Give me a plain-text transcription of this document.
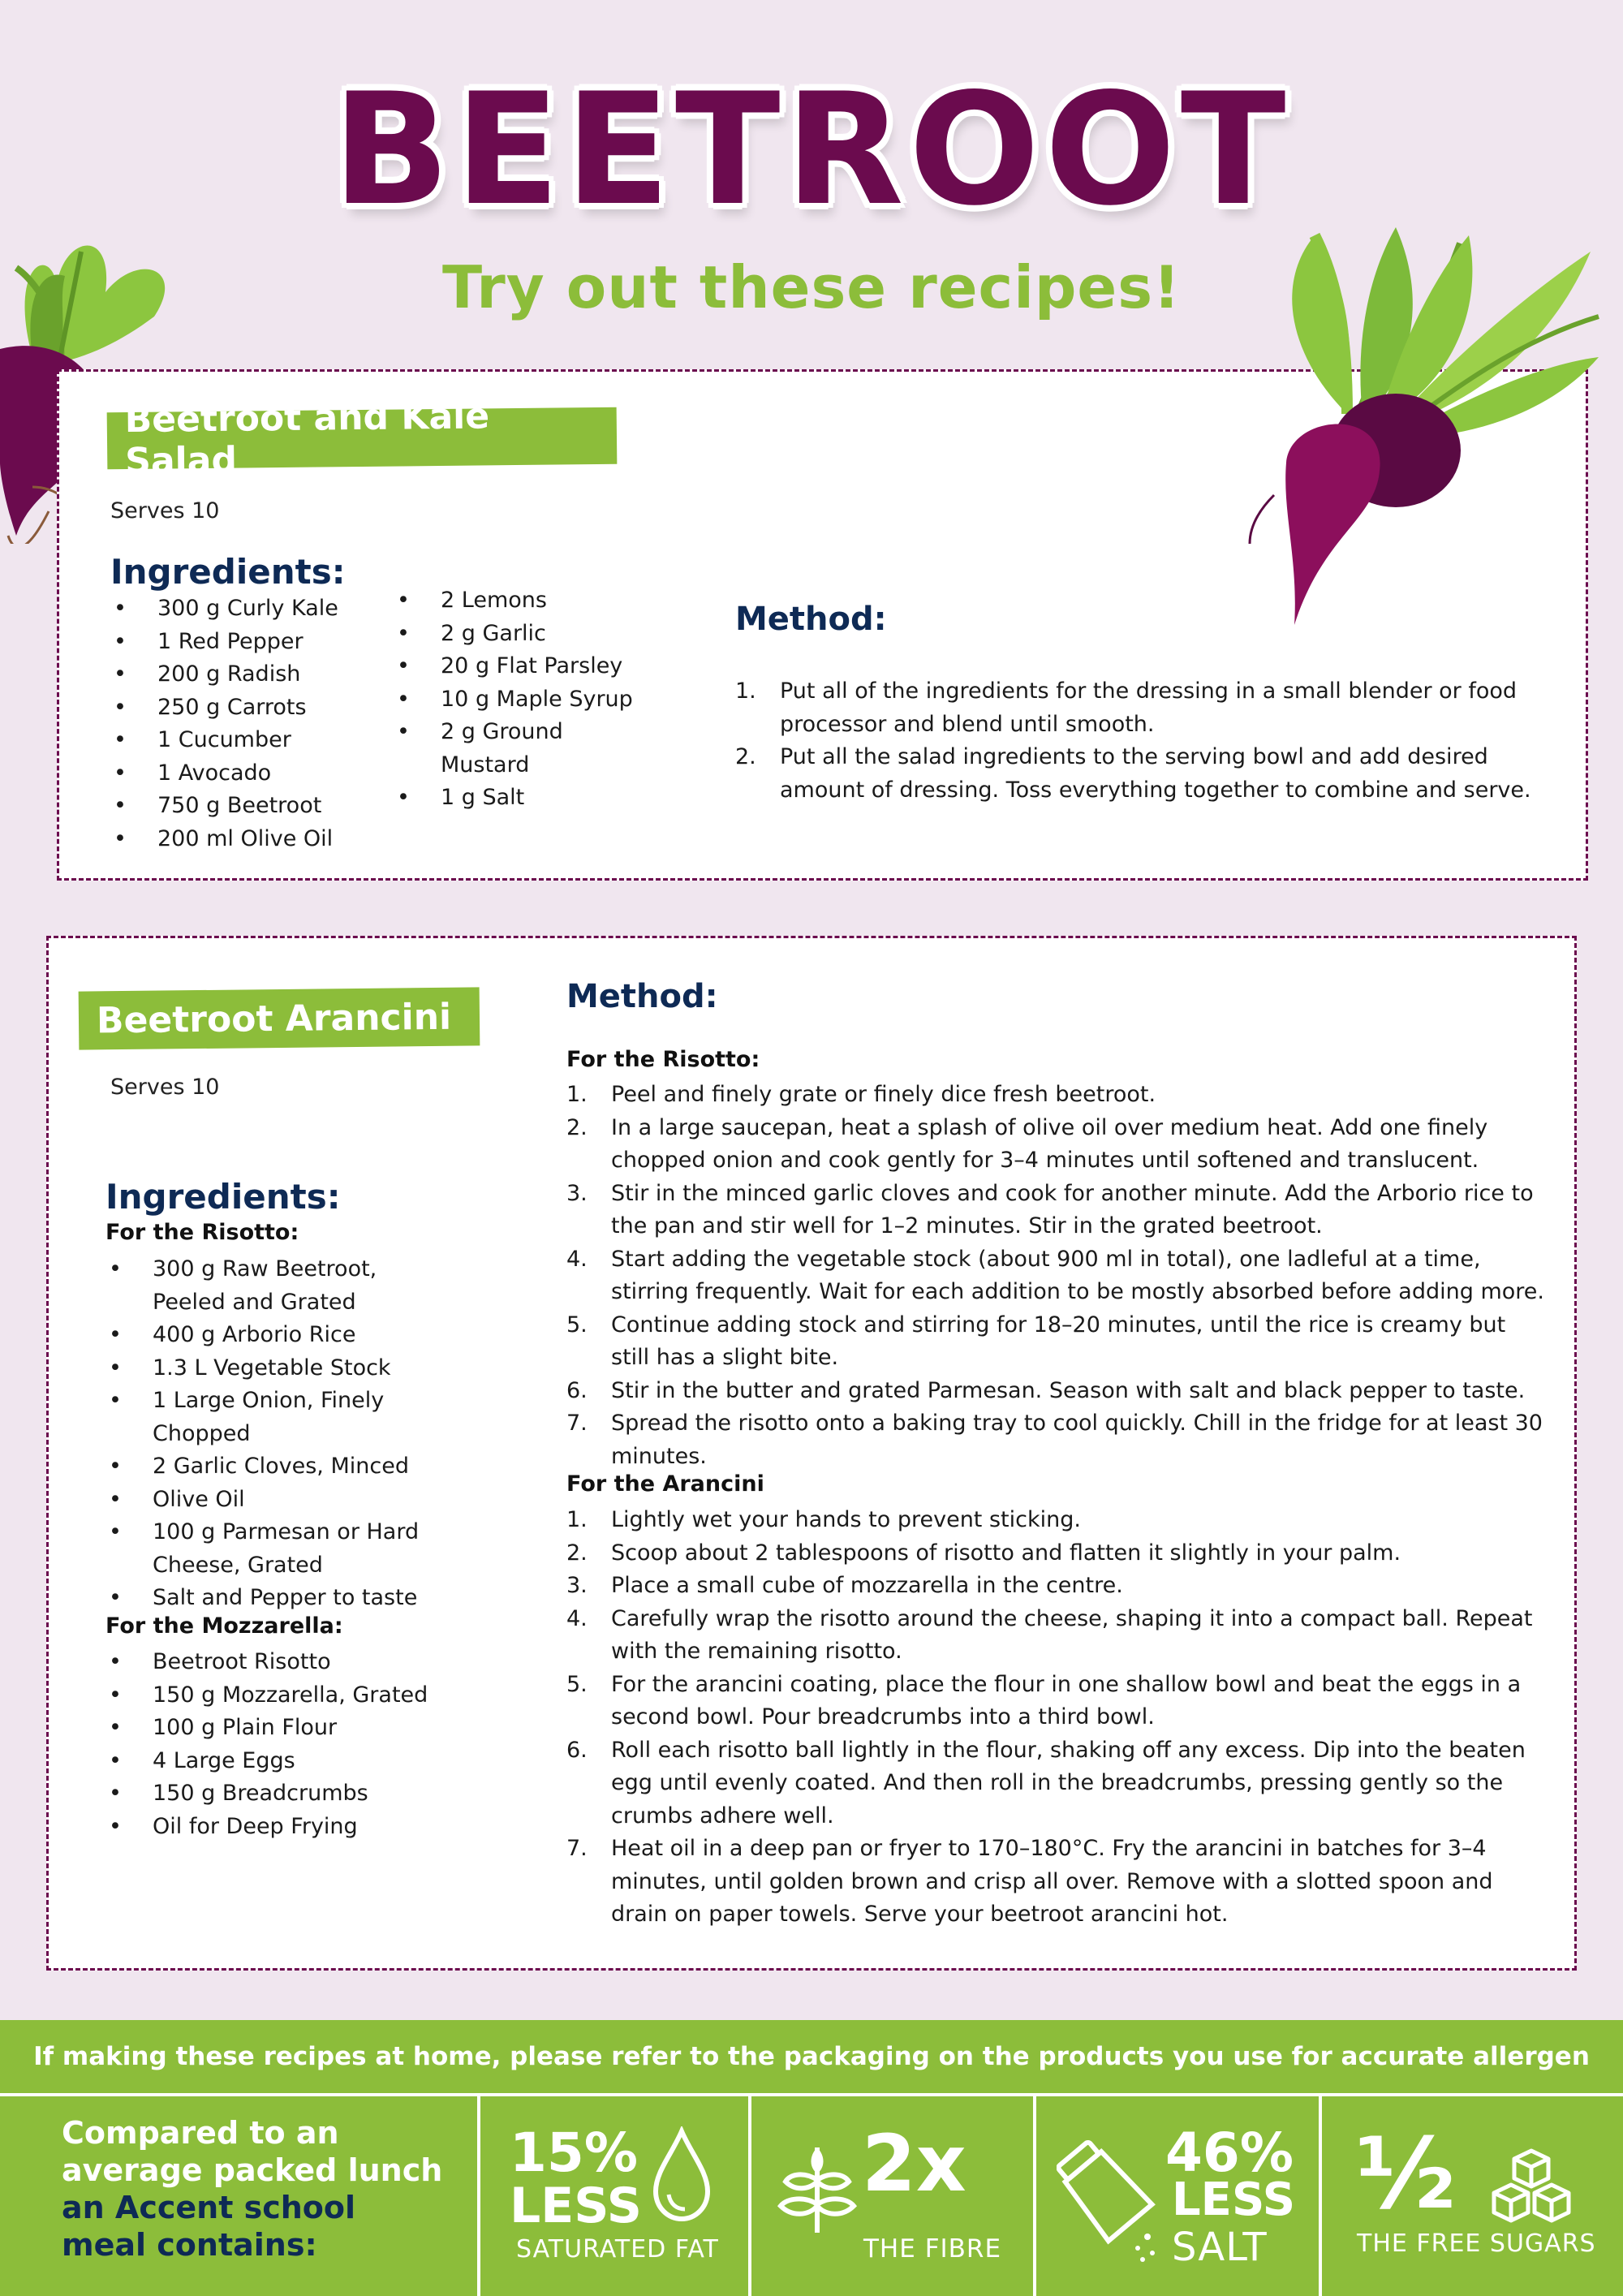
BEETROOT
Try out these recipes!
Beetroot and Kale Salad
Serves 10
Ingredients:
• 300 g Curly Kale
• 1 Red Pepper
• 200 g Radish
• 250 g Carrots
• 1 Cucumber
• 1 Avocado
• 750 g Beetroot
• 200 ml Olive Oil
• 2 Lemons
• 2 g Garlic
• 20 g Flat Parsley
• 10 g Maple Syrup
• 2 g Ground Mustard
• 1 g Salt
Method:
1. Put all of the ingredients for the dressing in a small blender or food processor and blend until smooth.
2. Put all the salad ingredients to the serving bowl and add desired amount of dressing. Toss everything together to combine and serve.
Beetroot Arancini
Serves 10
Ingredients:
For the Risotto:
• 300 g Raw Beetroot, Peeled and Grated
• 400 g Arborio Rice
• 1.3 L Vegetable Stock
• 1 Large Onion, Finely Chopped
• 2 Garlic Cloves, Minced
• Olive Oil
• 100 g Parmesan or Hard Cheese, Grated
• Salt and Pepper to taste
For the Mozzarella:
• Beetroot Risotto
• 150 g Mozzarella, Grated
• 100 g Plain Flour
• 4 Large Eggs
• 150 g Breadcrumbs
• Oil for Deep Frying
Method:
For the Risotto:
1. Peel and finely grate or finely dice fresh beetroot.
2. In a large saucepan, heat a splash of olive oil over medium heat. Add one finely chopped onion and cook gently for 3–4 minutes until softened and translucent.
3. Stir in the minced garlic cloves and cook for another minute. Add the Arborio rice to the pan and stir well for 1–2 minutes. Stir in the grated beetroot.
4. Start adding the vegetable stock (about 900 ml in total), one ladleful at a time, stirring frequently. Wait for each addition to be mostly absorbed before adding more.
5. Continue adding stock and stirring for 18–20 minutes, until the rice is creamy but still has a slight bite.
6. Stir in the butter and grated Parmesan. Season with salt and black pepper to taste.
7. Spread the risotto onto a baking tray to cool quickly. Chill in the fridge for at least 30 minutes.
For the Arancini
1. Lightly wet your hands to prevent sticking.
2. Scoop about 2 tablespoons of risotto and flatten it slightly in your palm.
3. Place a small cube of mozzarella in the centre.
4. Carefully wrap the risotto around the cheese, shaping it into a compact ball. Repeat with the remaining risotto.
5. For the arancini coating, place the flour in one shallow bowl and beat the eggs in a second bowl. Pour breadcrumbs into a third bowl.
6. Roll each risotto ball lightly in the flour, shaking off any excess. Dip into the beaten egg until evenly coated. And then roll in the breadcrumbs, pressing gently so the crumbs adhere well.
7. Heat oil in a deep pan or fryer to 170–180°C. Fry the arancini in batches for 3–4 minutes, until golden brown and crisp all over. Remove with a slotted spoon and drain on paper towels. Serve your beetroot arancini hot.
If making these recipes at home, please refer to the packaging on the products you use for accurate allergen
Compared to an
average packed lunch
an Accent school
meal contains:
15%
LESS
SATURATED FAT
2x
THE FIBRE
46%
LESS
SALT
½
THE FREE SUGARS
